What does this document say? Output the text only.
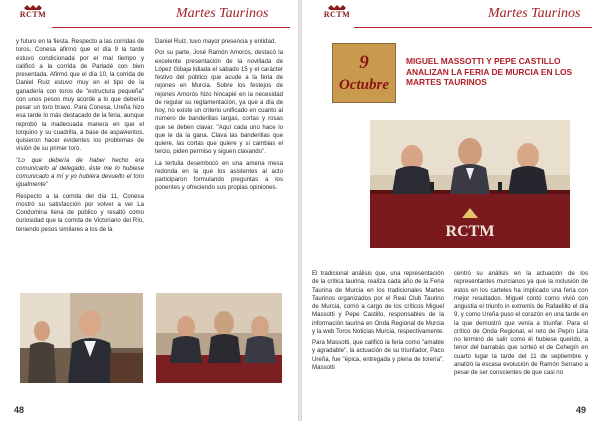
RCTM	Martes Taurinos

y futuro en la fiesta. Respecto a las corridas de toros, Conesa afirmó que el día 9 la tarde estuvo condicionada por el mal tiempo y calificó a la corrida de Parladé con bien presentada. Afirmó que el día 10, la corrida de Daniel Ruiz estuvo muy en el tipo de la ganadería con toros de "estructura pequeña" con unos pesos muy acorde a lo que debería pesar un toro bravo. Para Conesa, Ureña hizo esa tarde lo más destacado de la feria, aunque reprobó la inadecuada manera en que el lorquino y su cuadrilla, a base de aspavientos, quisieron hacer evidentes los problemas de visión de su primer toro.

"Lo que debería de haber hecho era comunicarlo al delegado, éste me lo hubiese comunicado a mí y yo hubiera devuelto el toro igualmente"

Respecto a la corrida del día 11, Conesa mostró su satisfacción por volver a ver La Condomina llena de público y resaltó como curiosidad que la corrida de Victoriano del Río, teniendo pesos similares a los de la

Daniel Ruiz, tuvo mayor presencia y entidad.

Por su parte, José Ramón Amorós, destacó la excelente presentación de la novillada de López Gibaja lidiada el sábado 15 y el carácter festivo del público que acude a la feria de rejones en Murcia. Sobre los festejos de rejones Amorós hizo hincapié en la necesidad de regular su reglamentación, ya que a día de hoy, no existe un criterio unificado en cuanto al número de banderillas largas, cortas y rosas que se deben clavar. "Aquí cada uno hace lo que le da la gana. Clava las banderillas que quiere, las cortas que quiere y si cambias el tercio, piden permiso y siguen clavando".

La tertulia desembocó en una amena mesa redonda en la que los asistentes al acto participaron formulando preguntas a los ponentes y ofreciendo sus propias opiniones.

48
RCTM	Martes Taurinos
9
Octubre
MIGUEL MASSOTTI Y PEPE CASTILLO ANALIZAN LA FERIA DE MURCIA EN LOS MARTES TAURINOS
RCTM

El tradicional análisis que, una representación de la crítica taurina, realiza cada año de la Feria Taurina de Murcia en los tradicionales Martes Taurinos organizados por el Real Club Taurino de Murcia, corrió a cargo de los críticos Miguel Massotti y Pepe Castillo, responsables de la información taurina en Onda Regional de Murcia y la web Toros Noticias Murcia, respectivamente.

Para Massotti, que calificó la feria como "amable y agradable", la actuación de su triunfador, Paco Ureña, fue "épica, entregada y plena de torería". Massotti

centró su análisis en la actuación de los representantes murcianos ya que la inclusión de estos en los carteles ha implicado una feria con mejor resultados. Miguel contó como vivió con angustia el triunfo in extremis de Rafaelillo el día 9, y como Ureña puso el corazón en una tarde en la que demostró que venía a triunfar. Para el crítico de Onda Regional, el reto de Pepín Liria no terminó de salir como él hubiese querido, a tenor del barrabás que sorteó el de Cehegín en cuarto lugar la tarde del 11 de septiembre y analizó la escasa evolución de Ramón Serrano a pesar de ser conscientes de que casi no

49
